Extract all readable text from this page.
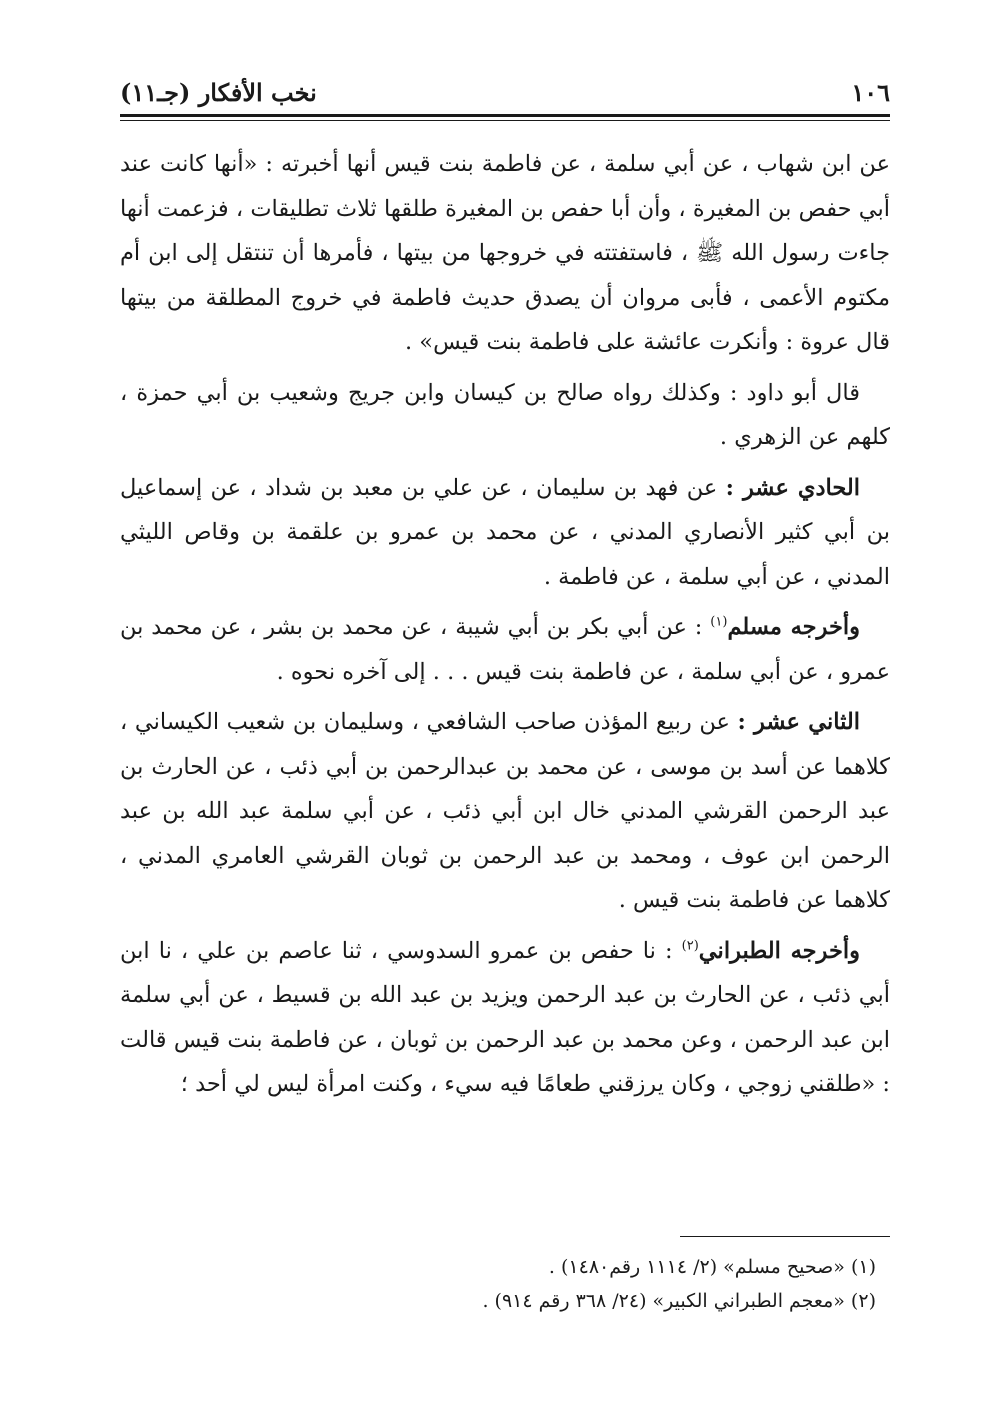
١٠٦
نخب الأفكار (جـ١١)

عن ابن شهاب ، عن أبي سلمة ، عن فاطمة بنت قيس أنها أخبرته : «أنها كانت عند أبي حفص بن المغيرة ، وأن أبا حفص بن المغيرة طلقها ثلاث تطليقات ، فزعمت أنها جاءت رسول الله ﷺ ، فاستفتته في خروجها من بيتها ، فأمرها أن تنتقل إلى ابن أم مكتوم الأعمى ، فأبى مروان أن يصدق حديث فاطمة في خروج المطلقة من بيتها قال عروة : وأنكرت عائشة على فاطمة بنت قيس» .

قال أبو داود : وكذلك رواه صالح بن كيسان وابن جريج وشعيب بن أبي حمزة ، كلهم عن الزهري .

الحادي عشر : عن فهد بن سليمان ، عن علي بن معبد بن شداد ، عن إسماعيل بن أبي كثير الأنصاري المدني ، عن محمد بن عمرو بن علقمة بن وقاص الليثي المدني ، عن أبي سلمة ، عن فاطمة .

وأخرجه مسلم$^{(١)}$ : عن أبي بكر بن أبي شيبة ، عن محمد بن بشر ، عن محمد بن عمرو ، عن أبي سلمة ، عن فاطمة بنت قيس . . . إلى آخره نحوه .

الثاني عشر : عن ربيع المؤذن صاحب الشافعي ، وسليمان بن شعيب الكيساني ، كلاهما عن أسد بن موسى ، عن محمد بن عبدالرحمن بن أبي ذئب ، عن الحارث بن عبد الرحمن القرشي المدني خال ابن أبي ذئب ، عن أبي سلمة عبد الله بن عبد الرحمن ابن عوف ، ومحمد بن عبد الرحمن بن ثوبان القرشي العامري المدني ، كلاهما عن فاطمة بنت قيس .

وأخرجه الطبراني$^{(٢)}$ : نا حفص بن عمرو السدوسي ، ثنا عاصم بن علي ، نا ابن أبي ذئب ، عن الحارث بن عبد الرحمن ويزيد بن عبد الله بن قسيط ، عن أبي سلمة ابن عبد الرحمن ، وعن محمد بن عبد الرحمن بن ثوبان ، عن فاطمة بنت قيس قالت : «طلقني زوجي ، وكان يرزقني طعامًا فيه سيء ، وكنت امرأة ليس لي أحد ؛

(١) «صحيح مسلم» (٢/ ١١١٤ رقم١٤٨٠) .

(٢) «معجم الطبراني الكبير» (٢٤/ ٣٦٨ رقم ٩١٤) .
